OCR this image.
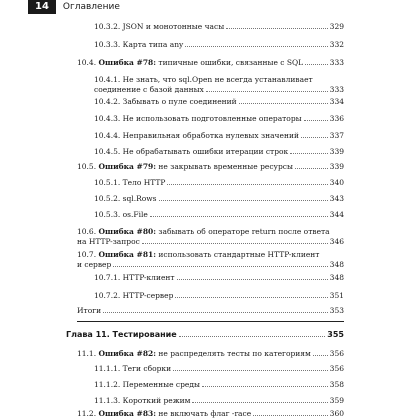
14	Оглавление
10.3.2. JSON и монотонные часы	329
10.3.3. Карта типа any	332
10.4. Ошибка #78: типичные ошибки, связанные с SQL	333
10.4.1. Не знать, что sql.Open не всегда устанавливает
соединение с базой данных	333
10.4.2. Забывать о пуле соединений	334
10.4.3. Не использовать подготовленные операторы	336
10.4.4. Неправильная обработка нулевых значений	337
10.4.5. Не обрабатывать ошибки итерации строк	339
10.5. Ошибка #79: не закрывать временные ресурсы	339
10.5.1. Тело HTTP	340
10.5.2. sql.Rows	343
10.5.3. os.File	344
10.6. Ошибка #80: забывать об операторе return после ответа
на HTTP-запрос	346
10.7. Ошибка #81: использовать стандартные HTTP-клиент
и сервер	348
10.7.1. HTTP-клиент	348
10.7.2. HTTP-сервер	351
Итоги	353
Глава 11. Тестирование	355
11.1. Ошибка #82: не распределять тесты по категориям	356
11.1.1. Теги сборки	356
11.1.2. Переменные среды	358
11.1.3. Короткий режим	359
11.2. Ошибка #83: не включать флаг -race	360
